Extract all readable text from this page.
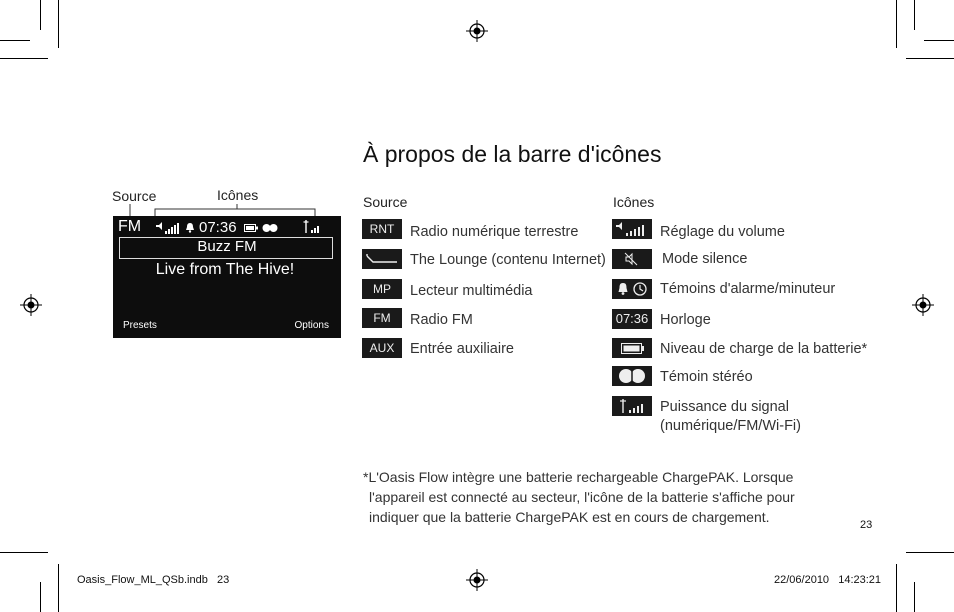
À propos de la barre d'icônes
Source	Icônes
FM	07:36
Buzz FM
Live from The Hive!
Presets	Options
Source
RNT	Radio numérique terrestre
The Lounge (contenu Internet)
MP	Lecteur multimédia
FM	Radio FM
AUX	Entrée auxiliaire
Icônes
Réglage du volume
Mode silence
Témoins d'alarme/minuteur
07:36 Horloge
Niveau de charge de la batterie*
Témoin stéréo
Puissance du signal
(numérique/FM/Wi-Fi)
*L'Oasis Flow intègre une batterie rechargeable ChargePAK. Lorsque
l'appareil est connecté au secteur, l'icône de la batterie s'affiche pour
indiquer que la batterie ChargePAK est en cours de chargement.	23
Oasis_Flow_ML_QSb.indb   23	22/06/2010   14:23:21
